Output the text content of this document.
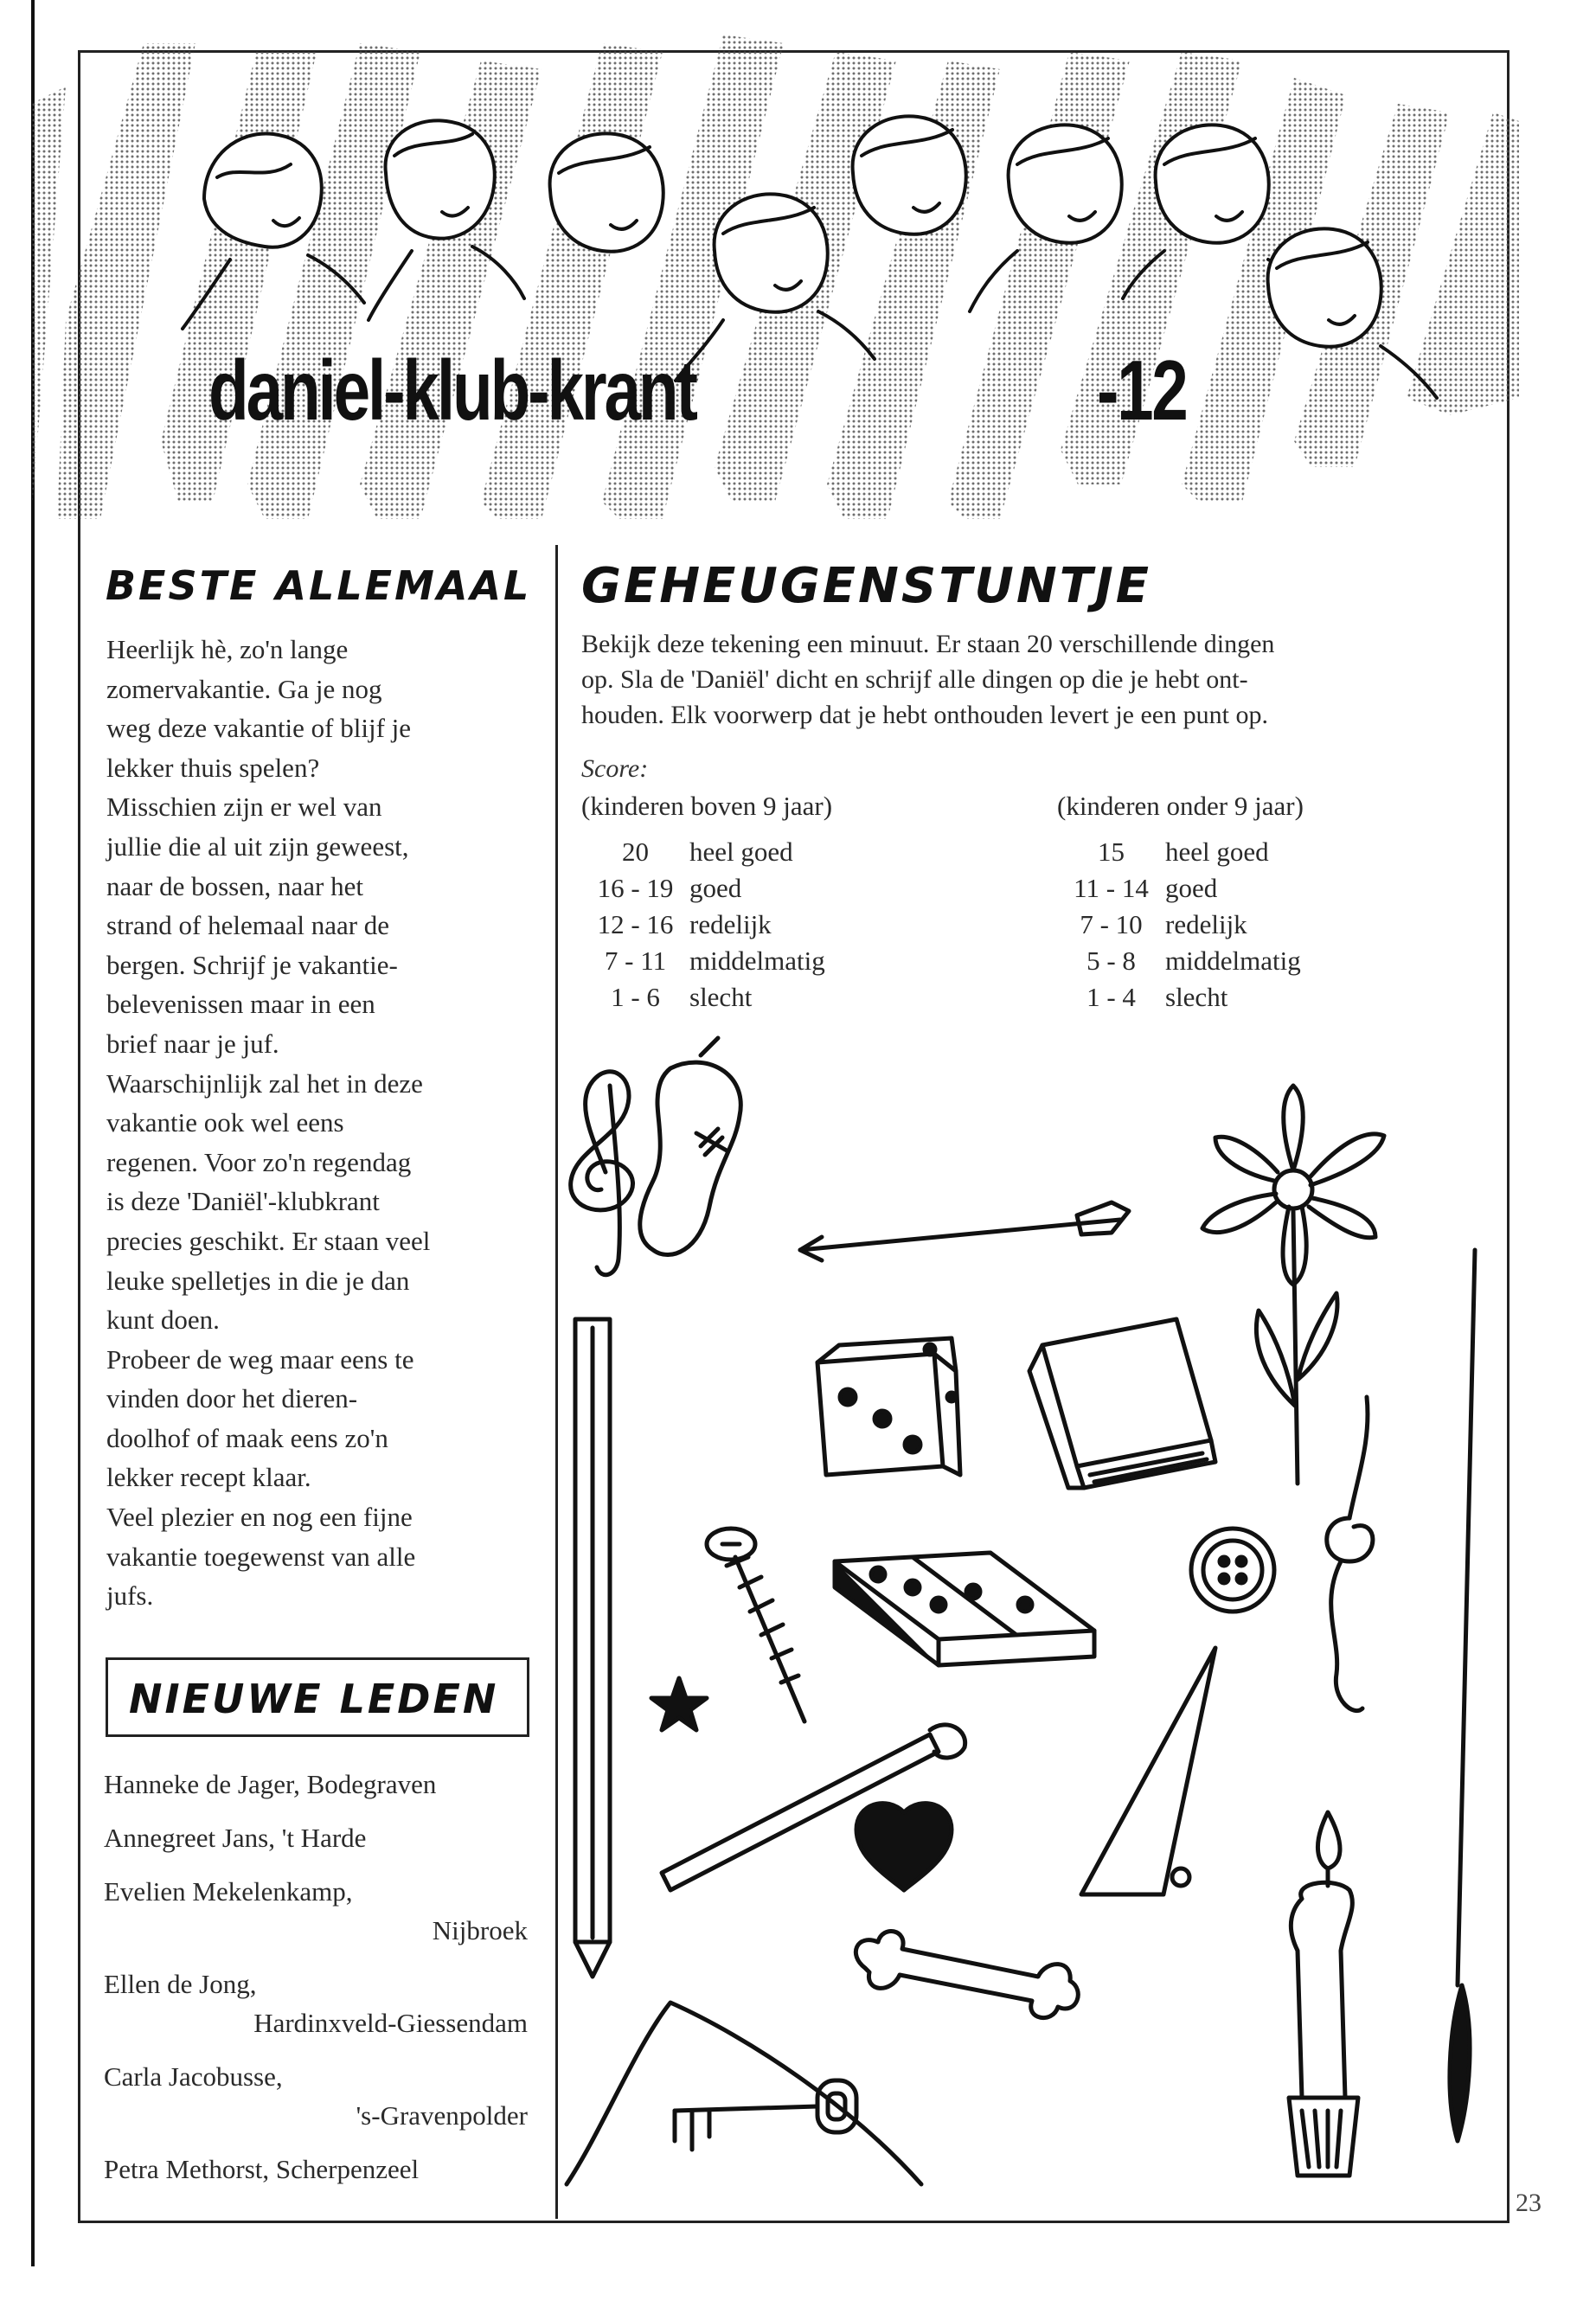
daniel-klub-krant	-12
BESTE ALLEMAAL
Heerlijk hè, zo'n lange
zomervakantie. Ga je nog
weg deze vakantie of blijf je
lekker thuis spelen?
Misschien zijn er wel van
jullie die al uit zijn geweest,
naar de bossen, naar het
strand of helemaal naar de
bergen. Schrijf je vakantie-
belevenissen maar in een
brief naar je juf.
Waarschijnlijk zal het in deze
vakantie ook wel eens
regenen. Voor zo'n regendag
is deze 'Daniël'-klubkrant
precies geschikt. Er staan veel
leuke spelletjes in die je dan
kunt doen.
Probeer de weg maar eens te
vinden door het dieren-
doolhof of maak eens zo'n
lekker recept klaar.
Veel plezier en nog een fijne
vakantie toegewenst van alle
jufs.
NIEUWE LEDEN
Hanneke de Jager, Bodegraven
Annegreet Jans, 't Harde
Evelien Mekelenkamp,
Nijbroek
Ellen de Jong,
Hardinxveld-Giessendam
Carla Jacobusse,
's-Gravenpolder
Petra Methorst, Scherpenzeel
GEHEUGENSTUNTJE
Bekijk deze tekening een minuut. Er staan 20 verschillende dingen
op. Sla de 'Daniël' dicht en schrijf alle dingen op die je hebt ont-
houden. Elk voorwerp dat je hebt onthouden levert je een punt op.
Score:
(kinderen boven 9 jaar)
20 heel goed
16 - 19 goed
12 - 16 redelijk
7 - 11 middelmatig
1 - 6 slecht
(kinderen onder 9 jaar)
15 heel goed
11 - 14 goed
7 - 10 redelijk
5 - 8 middelmatig
1 - 4 slecht
23
